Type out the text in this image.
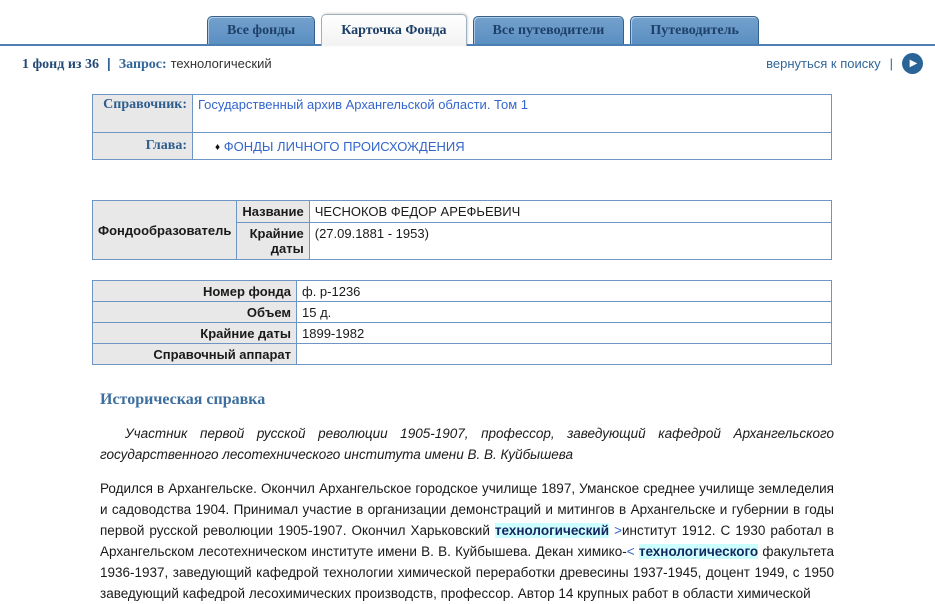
Все фонды	Карточка Фонда	Все путеводители	Путеводитель
1 фонд из 36 | Запрос: технологический	вернуться к поиску | ▶
Справочник:	Государственный архив Архангельской области. Том 1
Глава:	♦ ФОНДЫ ЛИЧНОГО ПРОИСХОЖДЕНИЯ
Фондообразователь	Название	ЧЕСНОКОВ ФЕДОР АРЕФЬЕВИЧ
	Крайние даты	(27.09.1881 - 1953)
Номер фонда	ф. р-1236
Объем	15 д.
Крайние даты	1899-1982
Справочный аппарат	
Историческая справка

Участник первой русской революции 1905-1907, профессор, заведующий кафедрой Архангельского государственного лесотехнического института имени В. В. Куйбышева

Родился в Архангельске. Окончил Архангельское городское училище 1897, Уманское среднее училище земледелия и садоводства 1904. Принимал участие в организации демонстраций и митингов в Архангельске и губернии в годы первой русской революции 1905-1907. Окончил Харьковский технологический >институт 1912. С 1930 работал в Архангельском лесотехническом институте имени В. В. Куйбышева. Декан химико-< технологического факультета 1936-1937, заведующий кафедрой технологии химической переработки древесины 1937-1945, доцент 1949, с 1950 заведующий кафедрой лесохимических производств, профессор. Автор 14 крупных работ в области химической
